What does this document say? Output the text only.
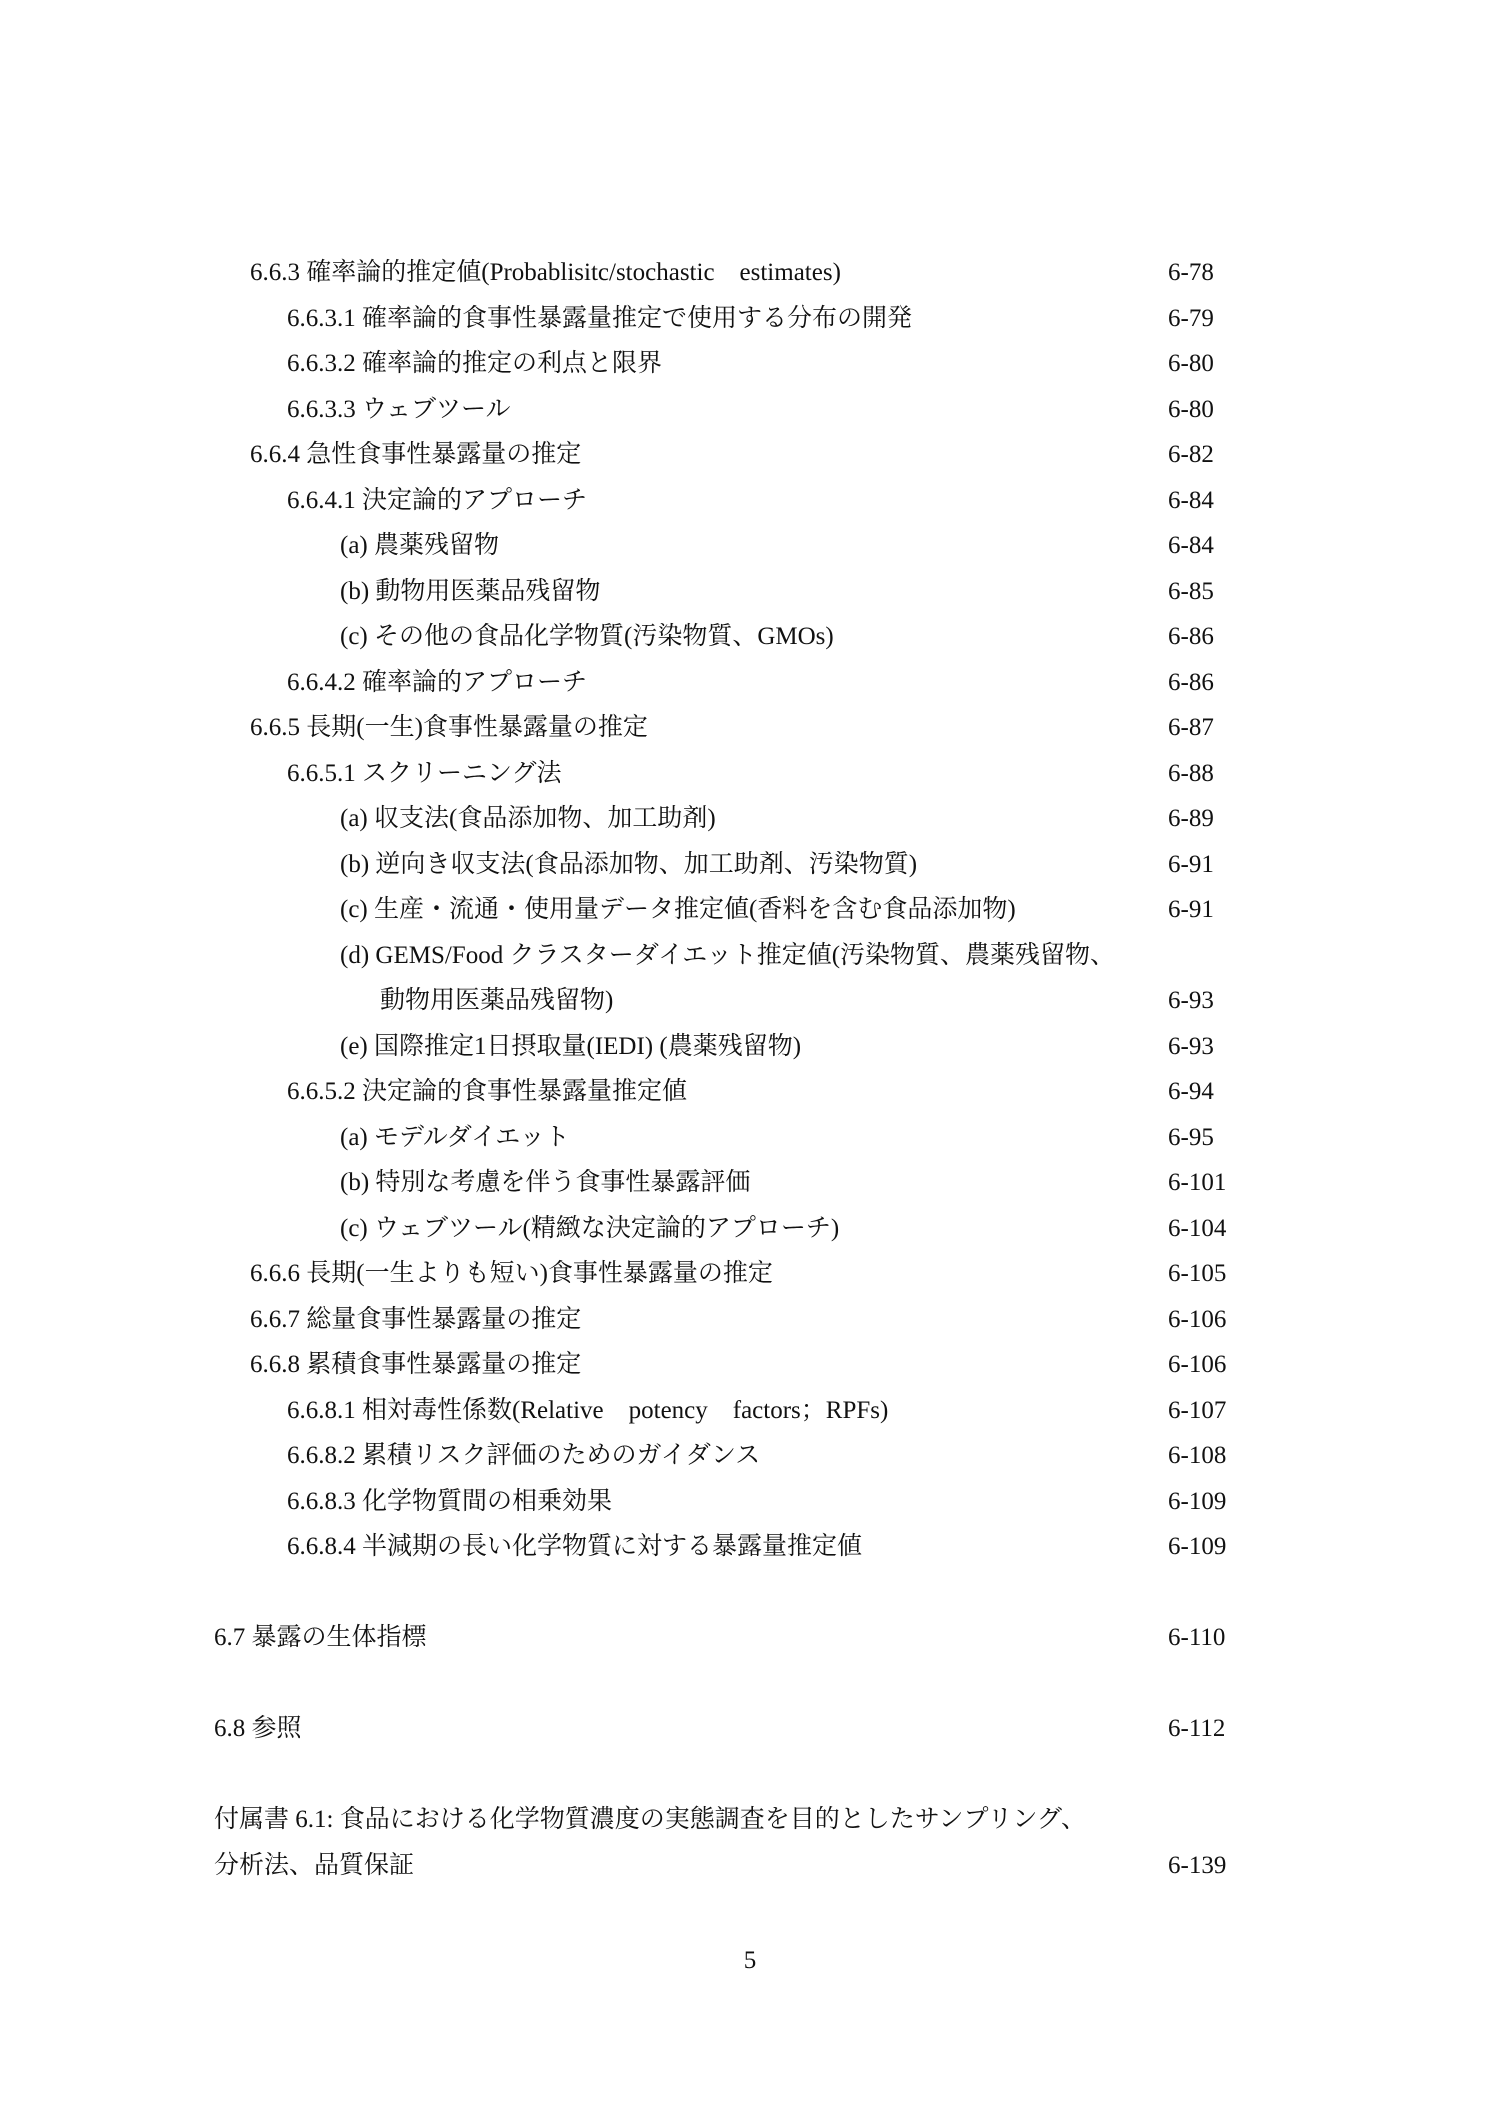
6.6.3 確率論的推定値(Probablisitc/stochastic　estimates)	6-78
6.6.3.1 確率論的食事性暴露量推定で使用する分布の開発	6-79
6.6.3.2 確率論的推定の利点と限界	6-80
6.6.3.3 ウェブツール	6-80
6.6.4 急性食事性暴露量の推定	6-82
6.6.4.1 決定論的アプローチ	6-84
(a) 農薬残留物	6-84
(b) 動物用医薬品残留物	6-85
(c) その他の食品化学物質(汚染物質、GMOs)	6-86
6.6.4.2 確率論的アプローチ	6-86
6.6.5 長期(一生)食事性暴露量の推定	6-87
6.6.5.1 スクリーニング法	6-88
(a) 収支法(食品添加物、加工助剤)	6-89
(b) 逆向き収支法(食品添加物、加工助剤、汚染物質)	6-91
(c) 生産・流通・使用量データ推定値(香料を含む食品添加物)	6-91
(d) GEMS/Food クラスターダイエット推定値(汚染物質、農薬残留物、
動物用医薬品残留物)	6-93
(e) 国際推定1日摂取量(IEDI) (農薬残留物)	6-93
6.6.5.2 決定論的食事性暴露量推定値	6-94
(a) モデルダイエット	6-95
(b) 特別な考慮を伴う食事性暴露評価	6-101
(c) ウェブツール(精緻な決定論的アプローチ)	6-104
6.6.6 長期(一生よりも短い)食事性暴露量の推定	6-105
6.6.7 総量食事性暴露量の推定	6-106
6.6.8 累積食事性暴露量の推定	6-106
6.6.8.1 相対毒性係数(Relative　potency　factors；RPFs)	6-107
6.6.8.2 累積リスク評価のためのガイダンス	6-108
6.6.8.3 化学物質間の相乗効果	6-109
6.6.8.4 半減期の長い化学物質に対する暴露量推定値	6-109
6.7 暴露の生体指標	6-110
6.8 参照	6-112
付属書 6.1: 食品における化学物質濃度の実態調査を目的としたサンプリング、
分析法、品質保証	6-139
5
